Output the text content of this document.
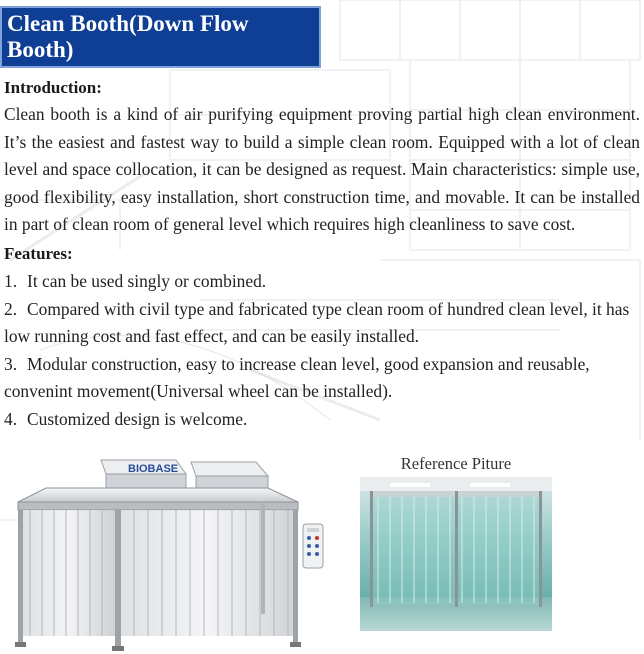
Clean Booth(Down Flow Booth)
Introduction:
Clean booth is a kind of air purifying equipment proving partial high clean environment. It’s the easiest and fastest way to build a simple clean room. Equipped with a lot of clean level and space collocation, it can be designed as request. Main characteristics: simple use, good flexibility, easy installation, short construction time, and movable. It can be installed in part of clean room of general level which requires high cleanliness to save cost.
Features:
1. It can be used singly or combined.
2. Compared with civil type and fabricated type clean room of hundred clean level, it has low running cost and fast effect, and can be easily installed.
3. Modular construction, easy to increase clean level, good expansion and reusable, convenint movement(Universal wheel can be installed).
4. Customized design is welcome.
BIOBASE	Reference Piture
